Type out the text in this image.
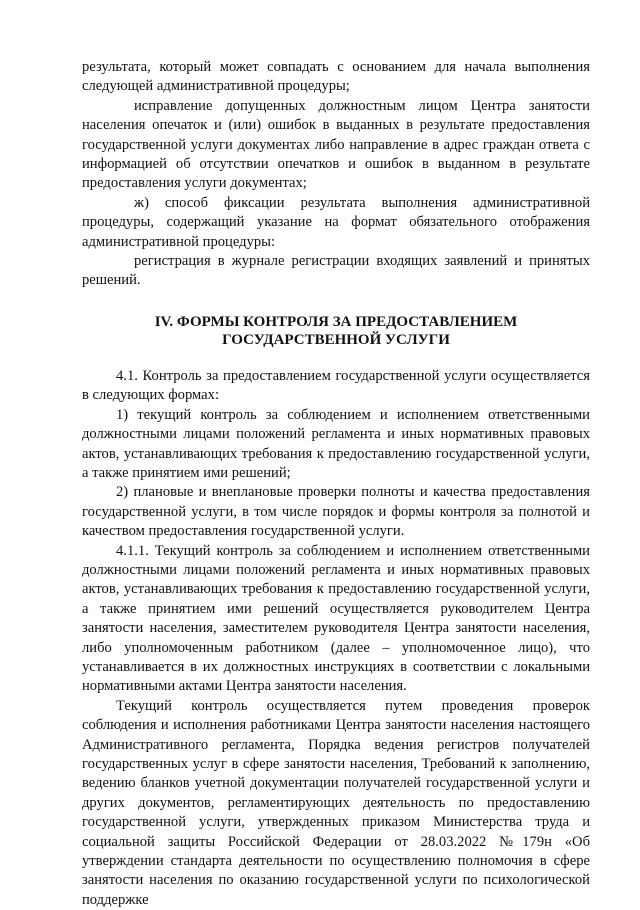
результата, который может совпадать с основанием для начала выполнения следующей административной процедуры;

исправление допущенных должностным лицом Центра занятости населения опечаток и (или) ошибок в выданных в результате предоставления государственной услуги документах либо направление в адрес граждан ответа с информацией об отсутствии опечатков и ошибок в выданном в результате предоставления услуги документах;

ж) способ фиксации результата выполнения административной процедуры, содержащий указание на формат обязательного отображения административной процедуры:

регистрация в журнале регистрации входящих заявлений и принятых решений.

IV. ФОРМЫ КОНТРОЛЯ ЗА ПРЕДОСТАВЛЕНИЕМ
ГОСУДАРСТВЕННОЙ УСЛУГИ

4.1. Контроль за предоставлением государственной услуги осуществляется в следующих формах:

1) текущий контроль за соблюдением и исполнением ответственными должностными лицами положений регламента и иных нормативных правовых актов, устанавливающих требования к предоставлению государственной услуги, а также принятием ими решений;

2) плановые и внеплановые проверки полноты и качества предоставления государственной услуги, в том числе порядок и формы контроля за полнотой и качеством предоставления государственной услуги.

4.1.1. Текущий контроль за соблюдением и исполнением ответственными должностными лицами положений регламента и иных нормативных правовых актов, устанавливающих требования к предоставлению государственной услуги, а также принятием ими решений осуществляется руководителем Центра занятости населения, заместителем руководителя Центра занятости населения, либо уполномоченным работником (далее – уполномоченное лицо), что устанавливается в их должностных инструкциях в соответствии с локальными нормативными актами Центра занятости населения.

Текущий контроль осуществляется путем проведения проверок соблюдения и исполнения работниками Центра занятости населения настоящего Административного регламента, Порядка ведения регистров получателей государственных услуг в сфере занятости населения, Требований к заполнению, ведению бланков учетной документации получателей государственной услуги и других документов, регламентирующих деятельность по предоставлению государственной услуги, утвержденных приказом Министерства труда и социальной защиты Российской Федерации от 28.03.2022 №179н «Об утверждении стандарта деятельности по осуществлению полномочия в сфере занятости населения по оказанию государственной услуги по психологической поддержке
